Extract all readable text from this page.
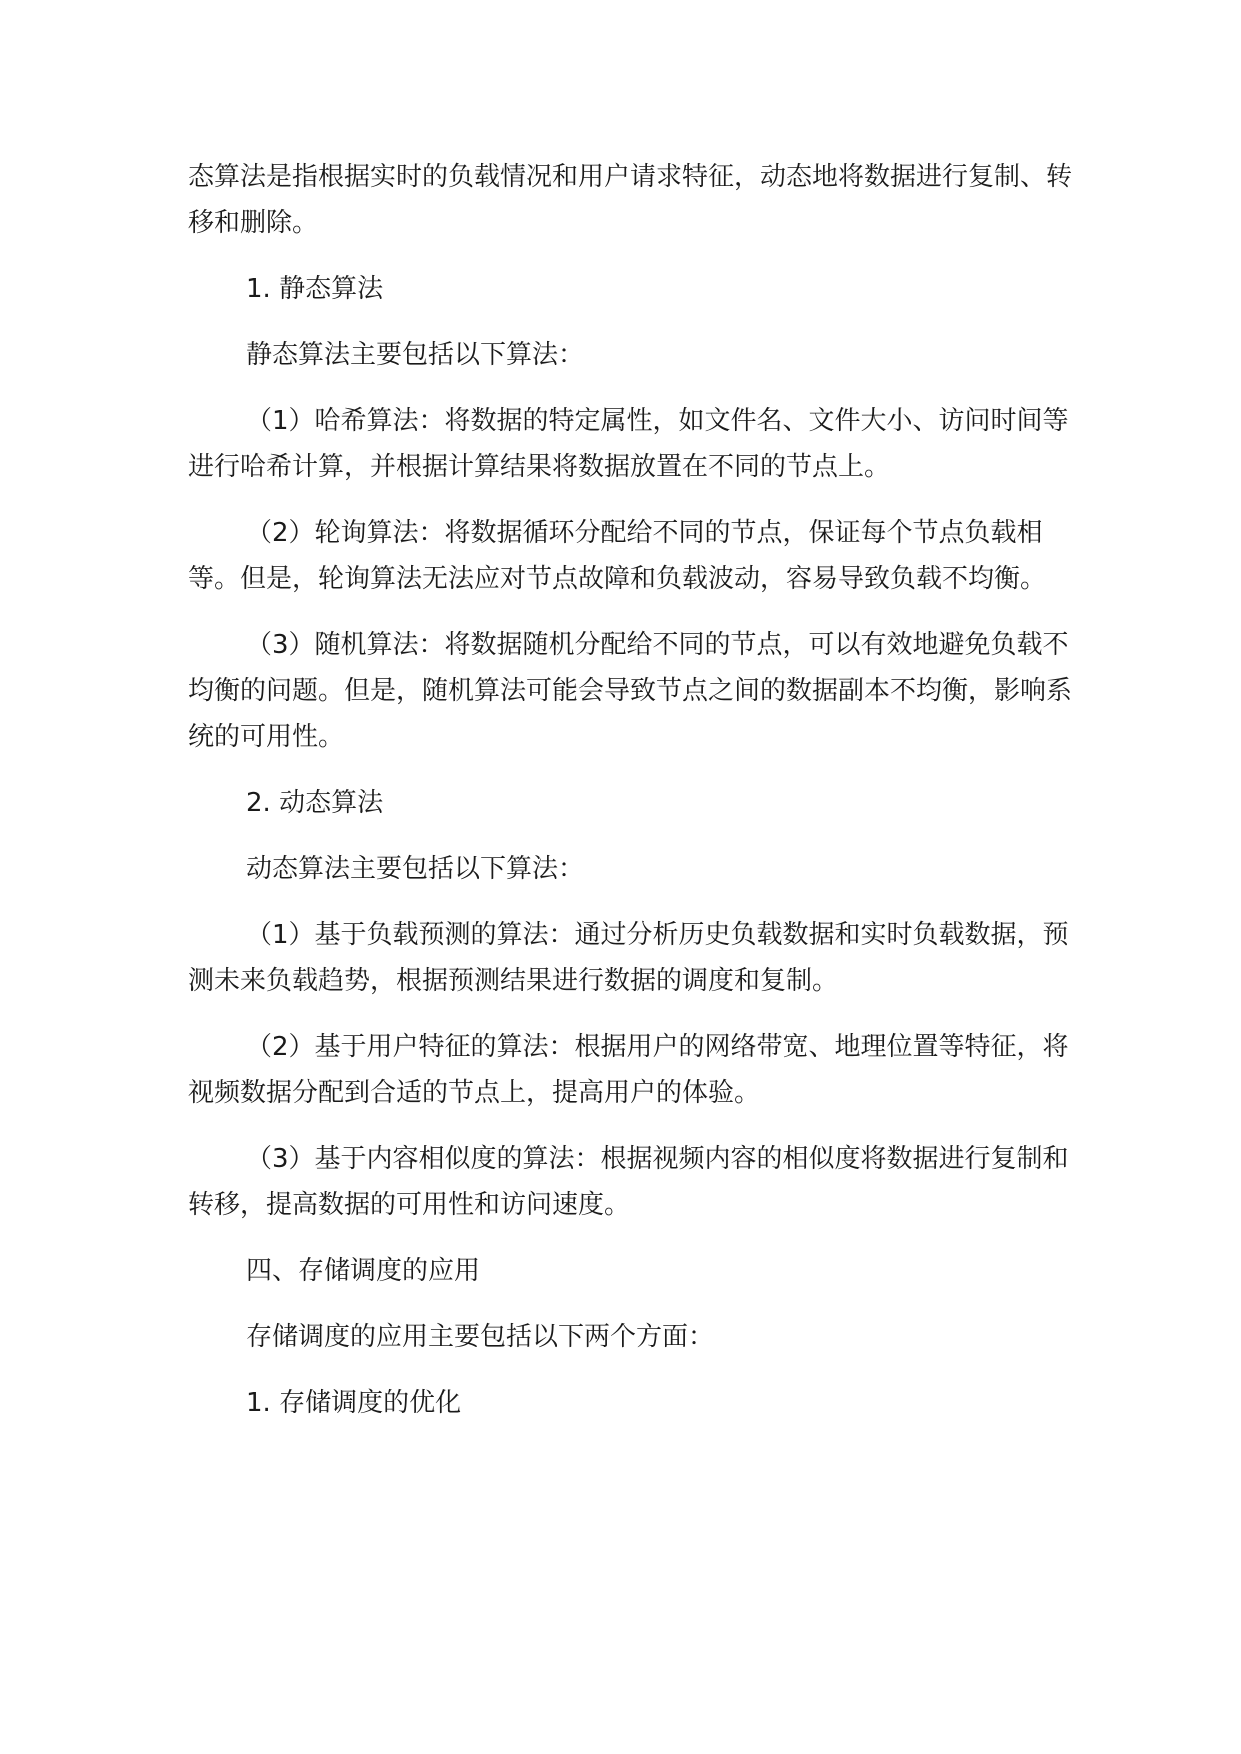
态算法是指根据实时的负载情况和用户请求特征，动态地将数据进行复制、转移和删除。

1. 静态算法

静态算法主要包括以下算法：

（1）哈希算法：将数据的特定属性，如文件名、文件大小、访问时间等进行哈希计算，并根据计算结果将数据放置在不同的节点上。

（2）轮询算法：将数据循环分配给不同的节点，保证每个节点负载相等。但是，轮询算法无法应对节点故障和负载波动，容易导致负载不均衡。

（3）随机算法：将数据随机分配给不同的节点，可以有效地避免负载不均衡的问题。但是，随机算法可能会导致节点之间的数据副本不均衡，影响系统的可用性。

2. 动态算法

动态算法主要包括以下算法：

（1）基于负载预测的算法：通过分析历史负载数据和实时负载数据，预测未来负载趋势，根据预测结果进行数据的调度和复制。

（2）基于用户特征的算法：根据用户的网络带宽、地理位置等特征，将视频数据分配到合适的节点上，提高用户的体验。

（3）基于内容相似度的算法：根据视频内容的相似度将数据进行复制和转移，提高数据的可用性和访问速度。

四、存储调度的应用

存储调度的应用主要包括以下两个方面：

1. 存储调度的优化
